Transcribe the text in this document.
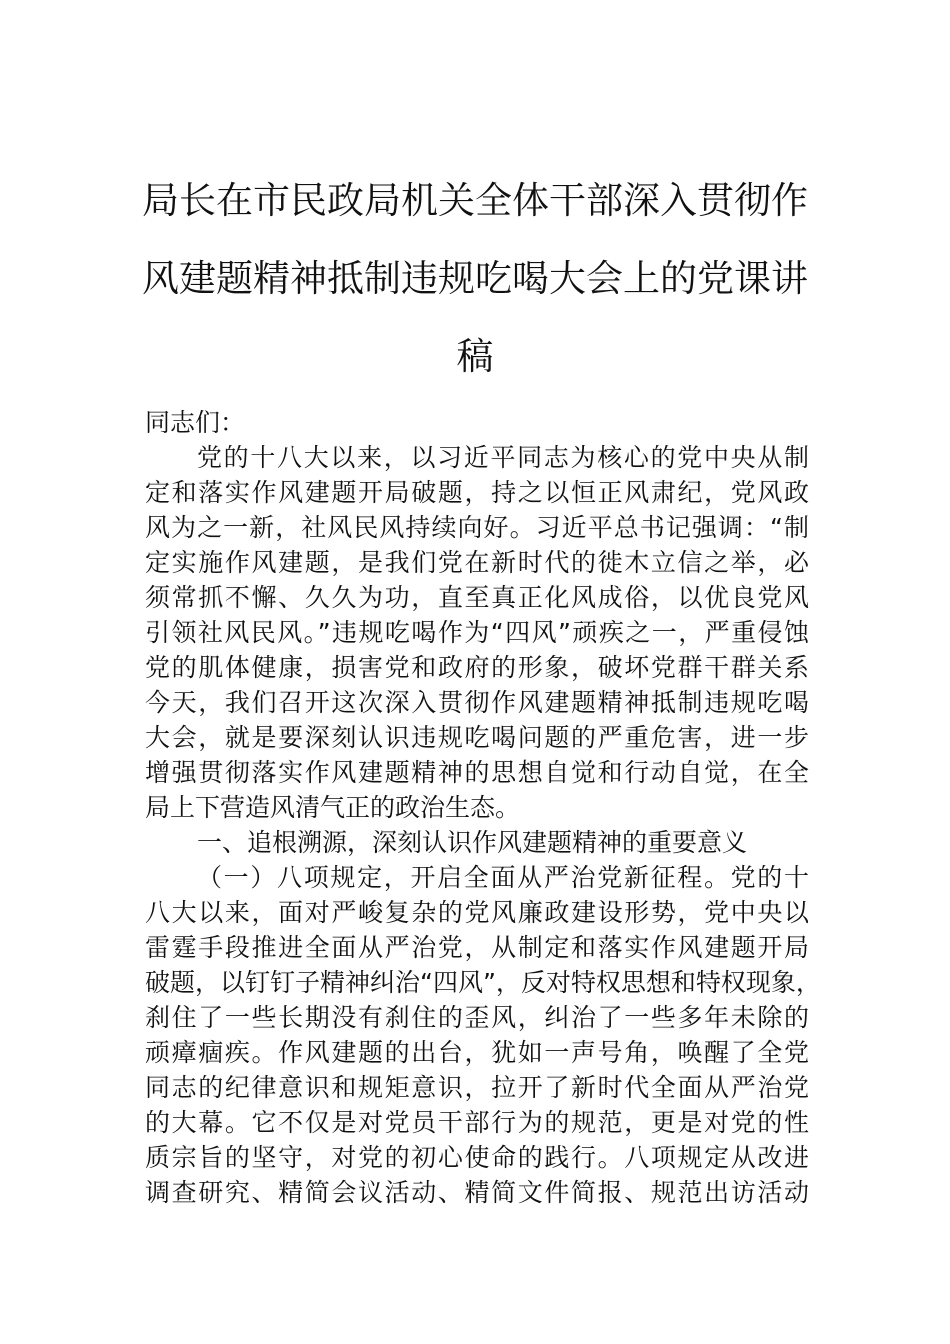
局长在市民政局机关全体干部深入贯彻作
风建题精神抵制违规吃喝大会上的党课讲
稿
同志们：
党的十八大以来，以习近平同志为核心的党中央从制
定和落实作风建题开局破题，持之以恒正风肃纪，党风政
风为之一新，社风民风持续向好。习近平总书记强调：“制
定实施作风建题，是我们党在新时代的徙木立信之举，必
须常抓不懈、久久为功，直至真正化风成俗，以优良党风
引领社风民风。”违规吃喝作为“四风”顽疾之一，严重侵蚀
党的肌体健康，损害党和政府的形象，破坏党群干群关系
今天，我们召开这次深入贯彻作风建题精神抵制违规吃喝
大会，就是要深刻认识违规吃喝问题的严重危害，进一步
增强贯彻落实作风建题精神的思想自觉和行动自觉，在全
局上下营造风清气正的政治生态。
一、追根溯源，深刻认识作风建题精神的重要意义
（一）八项规定，开启全面从严治党新征程。党的十
八大以来，面对严峻复杂的党风廉政建设形势，党中央以
雷霆手段推进全面从严治党，从制定和落实作风建题开局
破题，以钉钉子精神纠治“四风”，反对特权思想和特权现象，
刹住了一些长期没有刹住的歪风，纠治了一些多年未除的
顽瘴痼疾。作风建题的出台，犹如一声号角，唤醒了全党
同志的纪律意识和规矩意识，拉开了新时代全面从严治党
的大幕。它不仅是对党员干部行为的规范，更是对党的性
质宗旨的坚守，对党的初心使命的践行。八项规定从改进
调查研究、精简会议活动、精简文件简报、规范出访活动
